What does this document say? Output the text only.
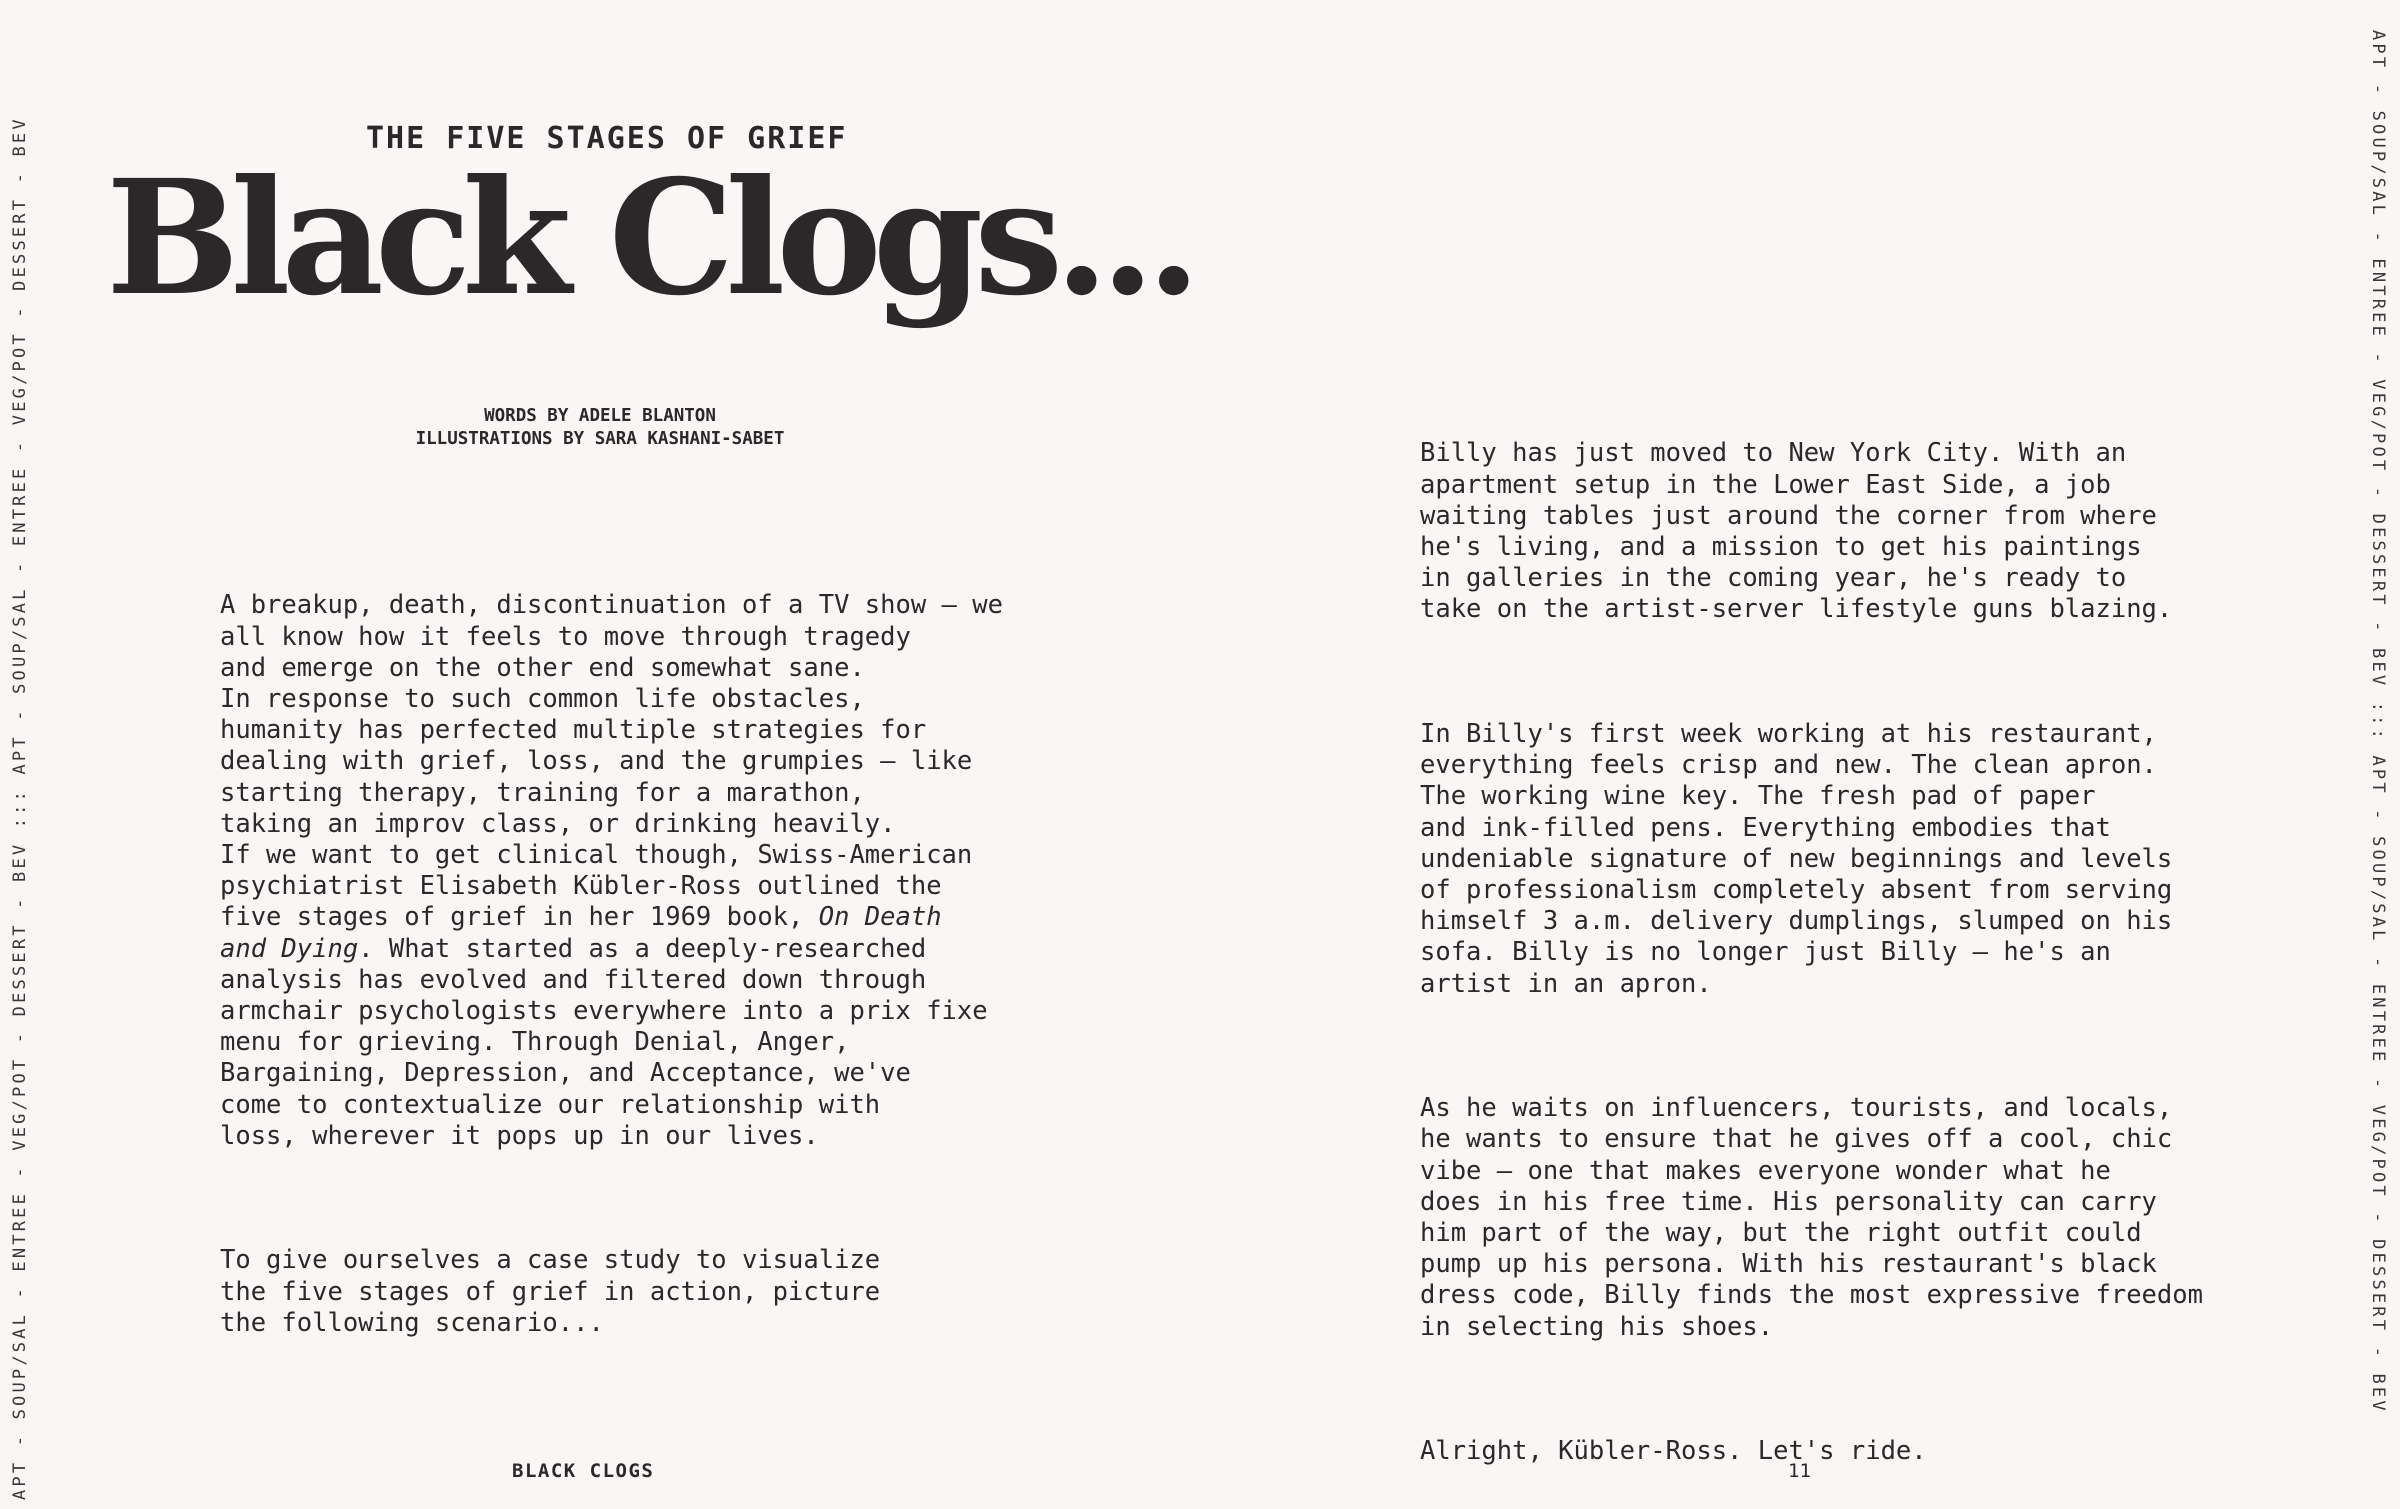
APT - SOUP/SAL - ENTREE - VEG/POT - DESSERT - BEV ::: APT - SOUP/SAL - ENTREE - VEG/POT - DESSERT - BEV	APT - SOUP/SAL - ENTREE - VEG/POT - DESSERT - BEV ::: APT - SOUP/SAL - ENTREE - VEG/POT - DESSERT - BEV
THE FIVE STAGES OF GRIEF
Black Clogs...
WORDS BY ADELE BLANTON
ILLUSTRATIONS BY SARA KASHANI-SABET

A breakup, death, discontinuation of a TV show — we
all know how it feels to move through tragedy
and emerge on the other end somewhat sane.
In response to such common life obstacles,
humanity has perfected multiple strategies for
dealing with grief, loss, and the grumpies — like
starting therapy, training for a marathon,
taking an improv class, or drinking heavily.
If we want to get clinical though, Swiss-American
psychiatrist Elisabeth Kübler-Ross outlined the
five stages of grief in her 1969 book, On Death
and Dying. What started as a deeply-researched
analysis has evolved and filtered down through
armchair psychologists everywhere into a prix fixe
menu for grieving. Through Denial, Anger,
Bargaining, Depression, and Acceptance, we've
come to contextualize our relationship with
loss, wherever it pops up in our lives.

To give ourselves a case study to visualize
the five stages of grief in action, picture
the following scenario...

Billy has just moved to New York City. With an
apartment setup in the Lower East Side, a job
waiting tables just around the corner from where
he's living, and a mission to get his paintings
in galleries in the coming year, he's ready to
take on the artist-server lifestyle guns blazing.

In Billy's first week working at his restaurant,
everything feels crisp and new. The clean apron.
The working wine key. The fresh pad of paper
and ink-filled pens. Everything embodies that
undeniable signature of new beginnings and levels
of professionalism completely absent from serving
himself 3 a.m. delivery dumplings, slumped on his
sofa. Billy is no longer just Billy — he's an
artist in an apron.

As he waits on influencers, tourists, and locals,
he wants to ensure that he gives off a cool, chic
vibe — one that makes everyone wonder what he
does in his free time. His personality can carry
him part of the way, but the right outfit could
pump up his persona. With his restaurant's black
dress code, Billy finds the most expressive freedom
in selecting his shoes.

Alright, Kübler-Ross. Let's ride.

BLACK CLOGS	11
